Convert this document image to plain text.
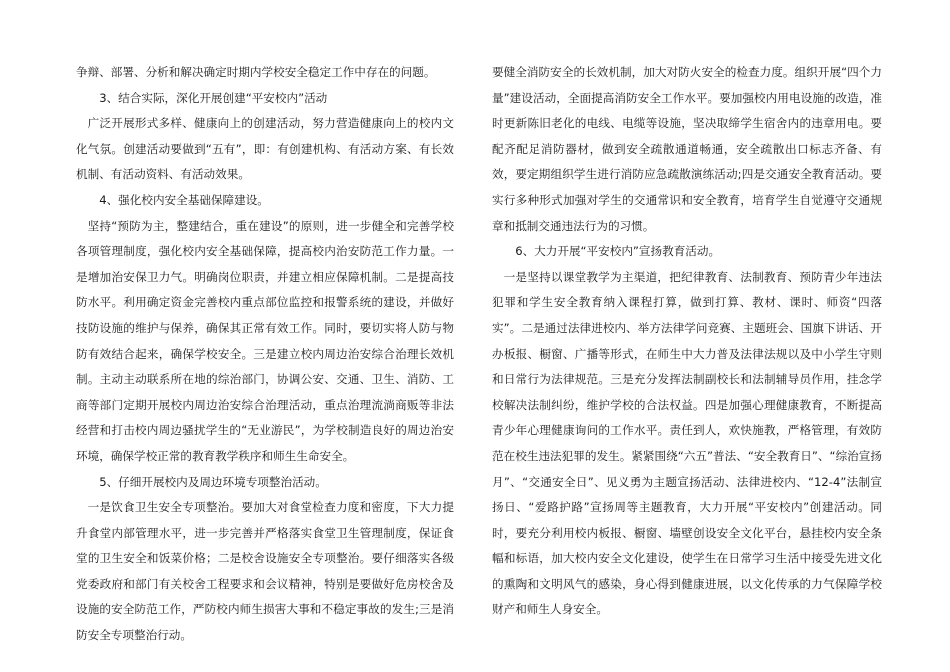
争辩、部署、分析和解决确定时期内学校安全稳定工作中存在的问题。

3、结合实际，深化开展创建“平安校内”活动

广泛开展形式多样、健康向上的创建活动，努力营造健康向上的校内文化气氛。创建活动要做到“五有”，即：有创建机构、有活动方案、有长效机制、有活动资料、有活动效果。

4、强化校内安全基础保障建设。

坚持“预防为主，整建结合，重在建设”的原则，进一步健全和完善学校各项管理制度，强化校内安全基础保障，提高校内治安防范工作力量。一是增加治安保卫力气。明确岗位职责，并建立相应保障机制。二是提高技防水平。利用确定资金完善校内重点部位监控和报警系统的建设，并做好技防设施的维护与保养，确保其正常有效工作。同时，要切实将人防与物防有效结合起来，确保学校安全。三是建立校内周边治安综合治理长效机制。主动主动联系所在地的综治部门，协调公安、交通、卫生、消防、工商等部门定期开展校内周边治安综合治理活动，重点治理流淌商贩等非法经营和打击校内周边骚扰学生的“无业游民”，为学校制造良好的周边治安环境，确保学校正常的教育教学秩序和师生生命安全。

5、仔细开展校内及周边环境专项整治活动。

一是饮食卫生安全专项整治。要加大对食堂检查力度和密度，下大力提升食堂内部管理水平，进一步完善并严格落实食堂卫生管理制度，保证食堂的卫生安全和饭菜价格；二是校舍设施安全专项整治。要仔细落实各级党委政府和部门有关校舍工程要求和会议精神，特别是要做好危房校舍及设施的安全防范工作，严防校内师生损害大事和不稳定事故的发生;三是消防安全专项整治行动。

要健全消防安全的长效机制，加大对防火安全的检查力度。组织开展“四个力量”建设活动，全面提高消防安全工作水平。要加强校内用电设施的改造，准时更新陈旧老化的电线、电缆等设施，坚决取缔学生宿舍内的违章用电。要配齐配足消防器材，做到安全疏散通道畅通，安全疏散出口标志齐备、有效，要定期组织学生进行消防应急疏散演练活动;四是交通安全教育活动。要实行多种形式加强对学生的交通常识和安全教育，培育学生自觉遵守交通规章和抵制交通违法行为的习惯。

6、大力开展“平安校内”宣扬教育活动。

一是坚持以课堂教学为主渠道，把纪律教育、法制教育、预防青少年违法犯罪和学生安全教育纳入课程打算，做到打算、教材、课时、师资“四落实”。二是通过法律进校内、举方法律学问竞赛、主题班会、国旗下讲话、开办板报、橱窗、广播等形式，在师生中大力普及法律法规以及中小学生守则和日常行为法律规范。三是充分发挥法制副校长和法制辅导员作用，挂念学校解决法制纠纷，维护学校的合法权益。四是加强心理健康教育，不断提高青少年心理健康询问的工作水平。责任到人，欢快施教，严格管理，有效防范在校生违法犯罪的发生。紧紧围绕“六五”普法、“安全教育日”、“综治宣扬月”、“交通安全日”、见义勇为主题宣扬活动、法律进校内、“12-4”法制宣扬日、“爱路护路”宣扬周等主题教育，大力开展“平安校内”创建活动。同时，要充分利用校内板报、橱窗、墙壁创设安全文化平台，悬挂校内安全条幅和标语，加大校内安全文化建设，使学生在日常学习生活中接受先进文化的熏陶和文明风气的感染，身心得到健康进展，以文化传承的力气保障学校财产和师生人身安全。
